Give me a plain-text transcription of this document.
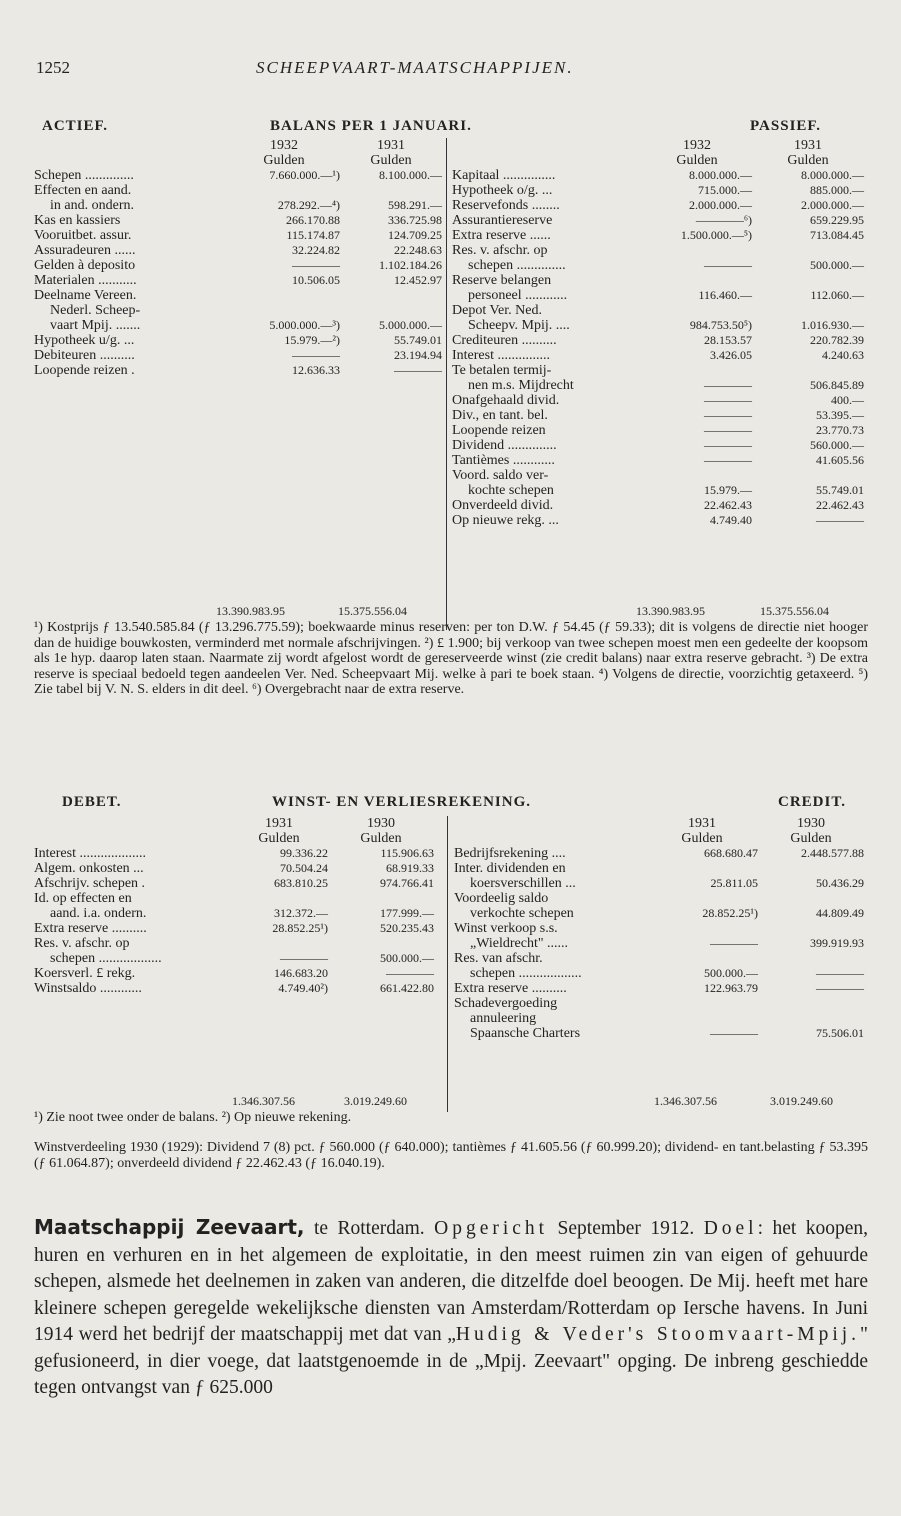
1252	SCHEEPVAART-MAATSCHAPPIJEN.
ACTIEF.	BALANS PER 1 JANUARI.	PASSIEF.
	1932	1931
	Gulden	Gulden
Schepen ..............	7.660.000.—¹)	8.100.000.—
Effecten en aand.		
in and. ondern.	278.292.—⁴)	598.291.—
Kas en kassiers	266.170.88	336.725.98
Vooruitbet. assur.	115.174.87	124.709.25
Assuradeuren ......	32.224.82	22.248.63
Gelden à deposito	————	1.102.184.26
Materialen ...........	10.506.05	12.452.97
Deelname Vereen.		
Nederl. Scheep-		
vaart Mpij. .......	5.000.000.—³)	5.000.000.—
Hypotheek u/g. ...	15.979.—²)	55.749.01
Debiteuren ..........	————	23.194.94
Loopende reizen .	12.636.33	————
	1932	1931
	Gulden	Gulden
Kapitaal ...............	8.000.000.—	8.000.000.—
Hypotheek o/g. ...	715.000.—	885.000.—
Reservefonds ........	2.000.000.—	2.000.000.—
Assurantiereserve	————⁶)	659.229.95
Extra reserve ......	1.500.000.—⁵)	713.084.45
Res. v. afschr. op		
schepen ..............	————	500.000.—
Reserve belangen		
personeel ............	116.460.—	112.060.—
Depot Ver. Ned.		
Scheepv. Mpij. ....	984.753.50⁵)	1.016.930.—
Crediteuren ..........	28.153.57	220.782.39
Interest ...............	3.426.05	4.240.63
Te betalen termij-		
nen m.s. Mijdrecht	————	506.845.89
Onafgehaald divid.	————	400.—
Div., en tant. bel.	————	53.395.—
Loopende reizen	————	23.770.73
Dividend ..............	————	560.000.—
Tantièmes ............	————	41.605.56
Voord. saldo ver-		
kochte schepen	15.979.—	55.749.01
Onverdeeld divid.	22.462.43	22.462.43
Op nieuwe rekg. ...	4.749.40	————
13.390.983.95	15.375.556.04	13.390.983.95	15.375.556.04
¹) Kostprijs ƒ 13.540.585.84 (ƒ 13.296.775.59); boekwaarde minus reserven: per ton D.W. ƒ 54.45 (ƒ 59.33); dit is volgens de directie niet hooger dan de huidige bouwkosten, verminderd met normale afschrijvingen. ²) £ 1.900; bij verkoop van twee schepen moest men een gedeelte der koopsom als 1e hyp. daarop laten staan. Naarmate zij wordt afgelost wordt de gereserveerde winst (zie credit balans) naar extra reserve gebracht. ³) De extra reserve is speciaal bedoeld tegen aandeelen Ver. Ned. Scheepvaart Mij. welke à pari te boek staan. ⁴) Volgens de directie, voorzichtig getaxeerd. ⁵) Zie tabel bij V. N. S. elders in dit deel. ⁶) Overgebracht naar de extra reserve.
DEBET.	WINST- EN VERLIESREKENING.	CREDIT.
	1931	1930
	Gulden	Gulden
Interest ...................	99.336.22	115.906.63
Algem. onkosten ...	70.504.24	68.919.33
Afschrijv. schepen .	683.810.25	974.766.41
Id. op effecten en		
aand. i.a. ondern.	312.372.—	177.999.—
Extra reserve ..........	28.852.25¹)	520.235.43
Res. v. afschr. op		
schepen ..................	————	500.000.—
Koersverl. £ rekg.	146.683.20	————
Winstsaldo ............	4.749.40²)	661.422.80
	1931	1930
	Gulden	Gulden
Bedrijfsrekening ....	668.680.47	2.448.577.88
Inter. dividenden en		
koersverschillen ...	25.811.05	50.436.29
Voordeelig saldo		
verkochte schepen	28.852.25¹)	44.809.49
Winst verkoop s.s.		
„Wieldrecht" ......	————	399.919.93
Res. van afschr.		
schepen ..................	500.000.—	————
Extra reserve ..........	122.963.79	————
Schadevergoeding		
annuleering		
Spaansche Charters	————	75.506.01
1.346.307.56	3.019.249.60	1.346.307.56	3.019.249.60
¹) Zie noot twee onder de balans. ²) Op nieuwe rekening.
Winstverdeeling 1930 (1929): Dividend 7 (8) pct. ƒ 560.000 (ƒ 640.000); tantièmes ƒ 41.605.56 (ƒ 60.999.20); dividend- en tant.belasting ƒ 53.395 (ƒ 61.064.87); onverdeeld dividend ƒ 22.462.43 (ƒ 16.040.19).
Maatschappij Zeevaart, te Rotterdam. Opgericht September 1912. Doel: het koopen, huren en verhuren en in het algemeen de exploitatie, in den meest ruimen zin van eigen of gehuurde schepen, alsmede het deelnemen in zaken van anderen, die ditzelfde doel beoogen. De Mij. heeft met hare kleinere schepen geregelde wekelijksche diensten van Amsterdam/Rotterdam op Iersche havens. In Juni 1914 werd het bedrijf der maatschappij met dat van „Hudig & Veder's Stoomvaart-Mpij." gefusioneerd, in dier voege, dat laatstgenoemde in de „Mpij. Zeevaart" opging. De inbreng geschiedde tegen ontvangst van ƒ 625.000
